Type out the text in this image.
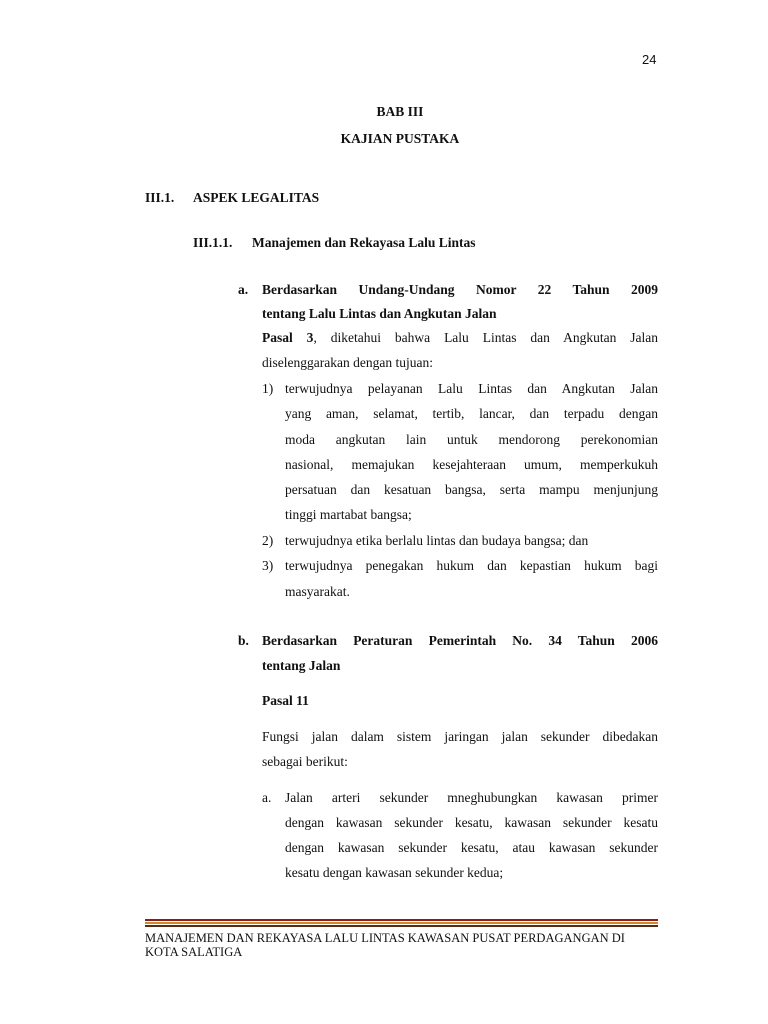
24
BAB III
KAJIAN PUSTAKA
III.1. ASPEK LEGALITAS
III.1.1. Manajemen dan Rekayasa Lalu Lintas
a. Berdasarkan Undang-Undang Nomor 22 Tahun 2009
tentang Lalu Lintas dan Angkutan Jalan
Pasal 3, diketahui bahwa Lalu Lintas dan Angkutan Jalan
diselenggarakan dengan tujuan:
1) terwujudnya pelayanan Lalu Lintas dan Angkutan Jalan
yang aman, selamat, tertib, lancar, dan terpadu dengan
moda angkutan lain untuk mendorong perekonomian
nasional, memajukan kesejahteraan umum, memperkukuh
persatuan dan kesatuan bangsa, serta mampu menjunjung
tinggi martabat bangsa;
2) terwujudnya etika berlalu lintas dan budaya bangsa; dan
3) terwujudnya penegakan hukum dan kepastian hukum bagi
masyarakat.
b. Berdasarkan Peraturan Pemerintah No. 34 Tahun 2006
tentang Jalan
Pasal 11
Fungsi jalan dalam sistem jaringan jalan sekunder dibedakan
sebagai berikut:
a. Jalan arteri sekunder mneghubungkan kawasan primer
dengan kawasan sekunder kesatu, kawasan sekunder kesatu
dengan kawasan sekunder kesatu, atau kawasan sekunder
kesatu dengan kawasan sekunder kedua;
MANAJEMEN DAN REKAYASA LALU LINTAS KAWASAN PUSAT PERDAGANGAN DI
KOTA SALATIGA
